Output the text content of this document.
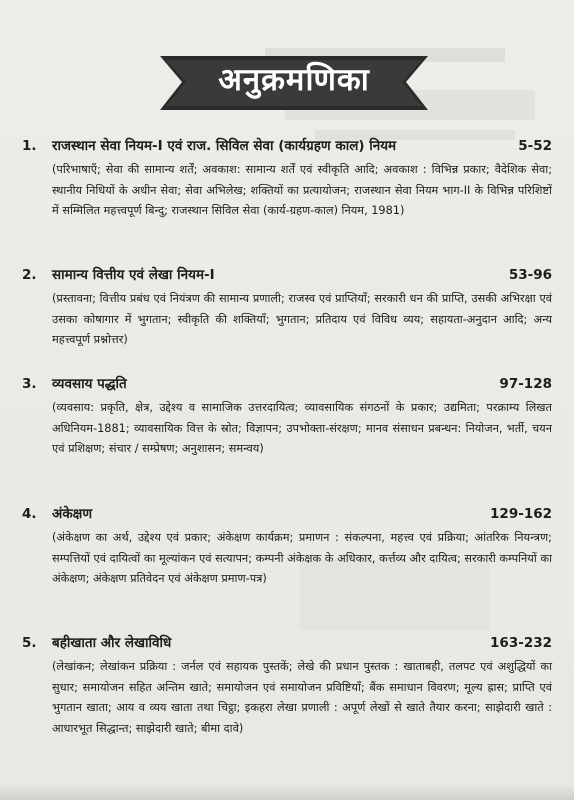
अनुक्रमणिका
1.	राजस्थान सेवा नियम-I एवं राज. सिविल सेवा (कार्यग्रहण काल) नियम	5-52
(परिभाषाएँ; सेवा की सामान्य शर्तें; अवकाश: सामान्य शर्तें एवं स्वीकृति आदि; अवकाश : विभिन्न प्रकार; वैदेशिक सेवा; स्थानीय निधियों के अधीन सेवा; सेवा अभिलेख; शक्तियों का प्रत्यायोजन; राजस्थान सेवा नियम भाग-II के विभिन्न परिशिष्टों में सम्मिलित महत्त्वपूर्ण बिन्दु; राजस्थान सिविल सेवा (कार्य-ग्रहण-काल) नियम, 1981)
2.	सामान्य वित्तीय एवं लेखा नियम-I	53-96
(प्रस्तावना; वित्तीय प्रबंध एवं नियंत्रण की सामान्य प्रणाली; राजस्व एवं प्राप्तियाँ; सरकारी धन की प्राप्ति, उसकी अभिरक्षा एवं उसका कोषागार में भुगतान; स्वीकृति की शक्तियाँ; भुगतान; प्रतिदाय एवं विविध व्यय; सहायता-अनुदान आदि; अन्य महत्त्वपूर्ण प्रश्नोत्तर)
3.	व्यवसाय पद्धति	97-128
(व्यवसाय: प्रकृति, क्षेत्र, उद्देश्य व सामाजिक उत्तरदायित्व; व्यावसायिक संगठनों के प्रकार; उद्यमिता; परक्राम्य लिखत अधिनियम-1881; व्यावसायिक वित्त के स्रोत; विज्ञापन; उपभोक्ता-संरक्षण; मानव संसाधन प्रबन्धन: नियोजन, भर्ती, चयन एवं प्रशिक्षण; संचार / सम्प्रेषण; अनुशासन; समन्वय)
4.	अंकेक्षण	129-162
(अंकेक्षण का अर्थ, उद्देश्य एवं प्रकार; अंकेक्षण कार्यक्रम; प्रमाणन : संकल्पना, महत्त्व एवं प्रक्रिया; आंतरिक नियन्त्रण; सम्पत्तियों एवं दायित्वों का मूल्यांकन एवं सत्यापन; कम्पनी अंकेक्षक के अधिकार, कर्त्तव्य और दायित्व; सरकारी कम्पनियों का अंकेक्षण; अंकेक्षण प्रतिवेदन एवं अंकेक्षण प्रमाण-पत्र)
5.	बहीखाता और लेखाविधि	163-232
(लेखांकन; लेखांकन प्रक्रिया : जर्नल एवं सहायक पुस्तकें; लेखे की प्रधान पुस्तक : खाताबही, तलपट एवं अशुद्धियों का सुधार; समायोजन सहित अन्तिम खाते; समायोजन एवं समायोजन प्रविष्टियाँ; बैंक समाधान विवरण; मूल्य ह्रास; प्राप्ति एवं भुगतान खाता; आय व व्यय खाता तथा चिट्ठा; इकहरा लेखा प्रणाली : अपूर्ण लेखों से खाते तैयार करना; साझेदारी खाते : आधारभूत सिद्धान्त; साझेदारी खाते; बीमा दावे)
